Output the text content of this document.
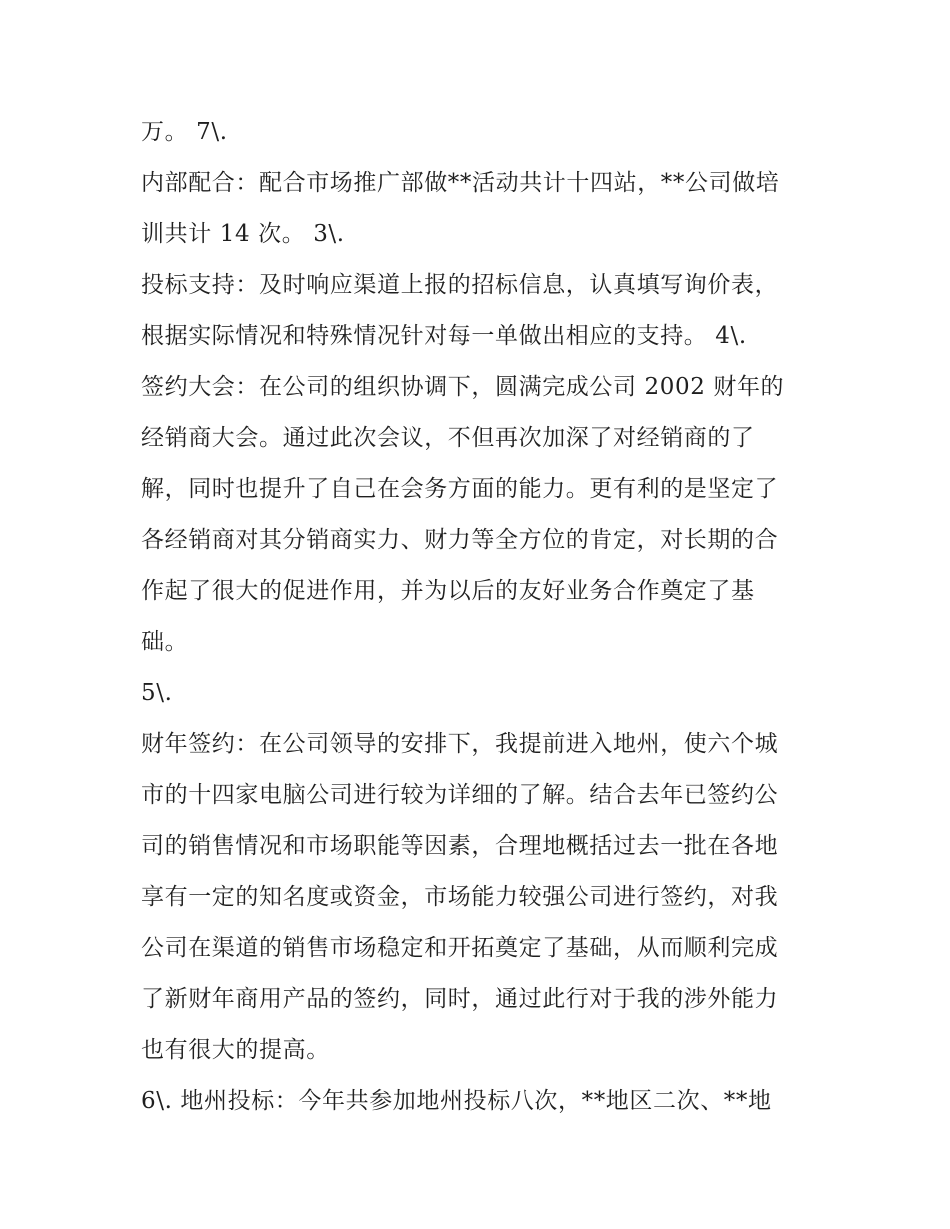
万。 7\.
内部配合：配合市场推广部做**活动共计十四站，**公司做培
训共计 14 次。 3\.
投标支持：及时响应渠道上报的招标信息，认真填写询价表，
根据实际情况和特殊情况针对每一单做出相应的支持。 4\.
签约大会：在公司的组织协调下，圆满完成公司 2002 财年的
经销商大会。通过此次会议，不但再次加深了对经销商的了
解，同时也提升了自己在会务方面的能力。更有利的是坚定了
各经销商对其分销商实力、财力等全方位的肯定，对长期的合
作起了很大的促进作用，并为以后的友好业务合作奠定了基
础。
5\.
财年签约：在公司领导的安排下，我提前进入地州，使六个城
市的十四家电脑公司进行较为详细的了解。结合去年已签约公
司的销售情况和市场职能等因素，合理地概括过去一批在各地
享有一定的知名度或资金，市场能力较强公司进行签约，对我
公司在渠道的销售市场稳定和开拓奠定了基础，从而顺利完成
了新财年商用产品的签约，同时，通过此行对于我的涉外能力
也有很大的提高。
6\. 地州投标：今年共参加地州投标八次，**地区二次、**地
